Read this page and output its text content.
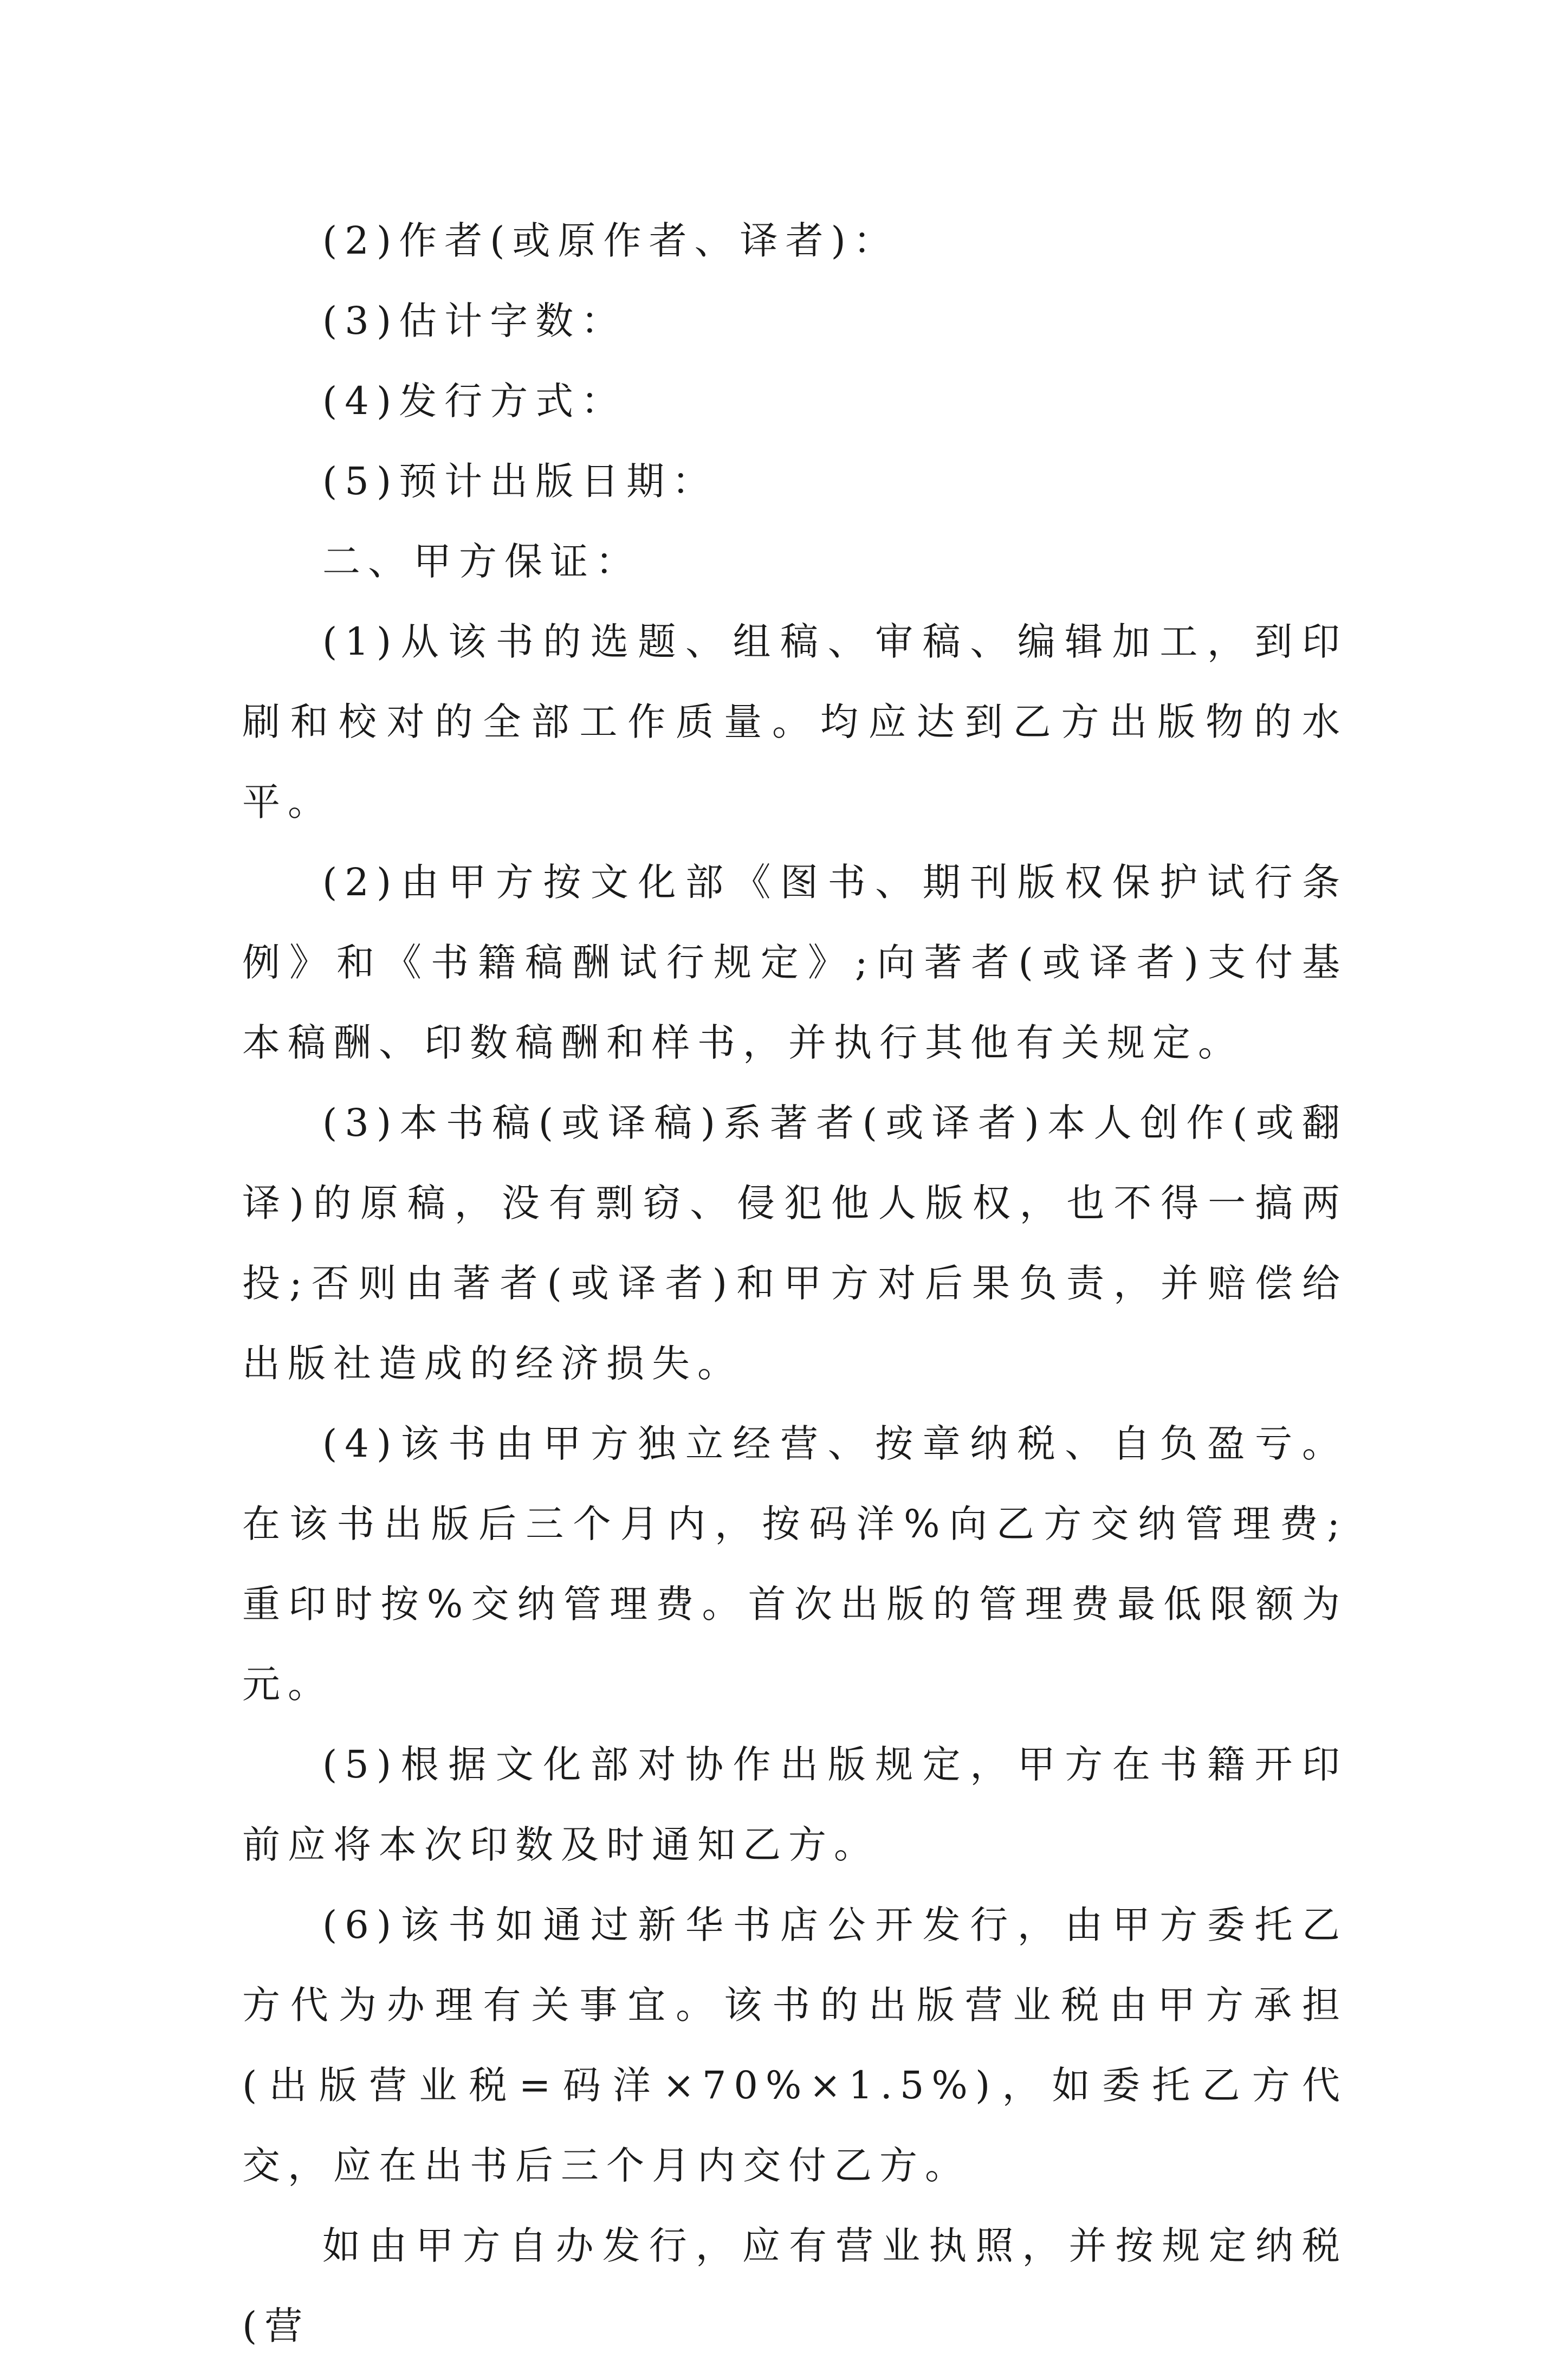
(2)作者(或原作者、译者)：

(3)估计字数：

(4)发行方式：

(5)预计出版日期：

二、甲方保证：

(1)从该书的选题、组稿、审稿、编辑加工，到印刷和校对的全部工作质量。均应达到乙方出版物的水平。

(2)由甲方按文化部《图书、期刊版权保护试行条例》和《书籍稿酬试行规定》;向著者(或译者)支付基本稿酬、印数稿酬和样书，并执行其他有关规定。

(3)本书稿(或译稿)系著者(或译者)本人创作(或翻译)的原稿，没有剽窃、侵犯他人版权，也不得一搞两投;否则由著者(或译者)和甲方对后果负责，并赔偿给出版社造成的经济损失。

(4)该书由甲方独立经营、按章纳税、自负盈亏。在该书出版后三个月内，按码洋%向乙方交纳管理费;重印时按%交纳管理费。首次出版的管理费最低限额为元。

(5)根据文化部对协作出版规定，甲方在书籍开印前应将本次印数及时通知乙方。

(6)该书如通过新华书店公开发行，由甲方委托乙方代为办理有关事宜。该书的出版营业税由甲方承担(出版营业税=码洋×70%×1.5%)，如委托乙方代交，应在出书后三个月内交付乙方。

如由甲方自办发行，应有营业执照，并按规定纳税(营
